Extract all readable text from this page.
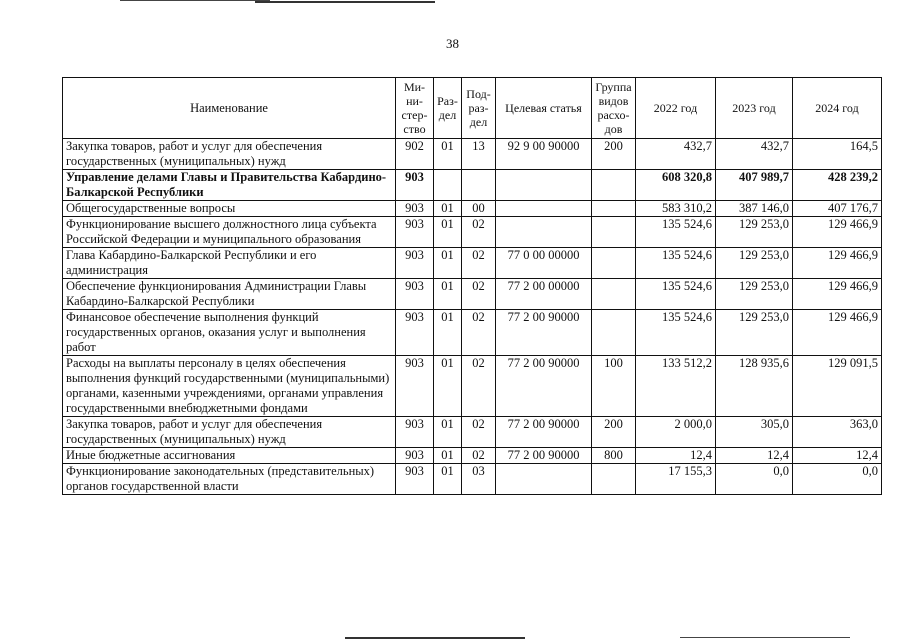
38
Наименование	Ми-ни-стер-ство	Раз-дел	Под-раз-дел	Целевая статья	Группа видов расхо-дов	2022 год	2023 год	2024 год
Закупка товаров, работ и услуг для обеспечения государственных (муниципальных) нужд	902	01	13	92 9 00 90000	200	432,7	432,7	164,5
Управление делами Главы и Правительства Кабардино-Балкарской Республики	903					608 320,8	407 989,7	428 239,2
Общегосударственные вопросы	903	01	00			583 310,2	387 146,0	407 176,7
Функционирование высшего должностного лица субъекта Российской Федерации и муниципального образования	903	01	02			135 524,6	129 253,0	129 466,9
Глава Кабардино-Балкарской Республики и его администрация	903	01	02	77 0 00 00000		135 524,6	129 253,0	129 466,9
Обеспечение функционирования Администрации Главы Кабардино-Балкарской Республики	903	01	02	77 2 00 00000		135 524,6	129 253,0	129 466,9
Финансовое обеспечение выполнения функций государственных органов, оказания услуг и выполнения работ	903	01	02	77 2 00 90000		135 524,6	129 253,0	129 466,9
Расходы на выплаты персоналу в целях обеспечения выполнения функций государственными (муниципальными) органами, казенными учреждениями, органами управления государственными внебюджетными фондами	903	01	02	77 2 00 90000	100	133 512,2	128 935,6	129 091,5
Закупка товаров, работ и услуг для обеспечения государственных (муниципальных) нужд	903	01	02	77 2 00 90000	200	2 000,0	305,0	363,0
Иные бюджетные ассигнования	903	01	02	77 2 00 90000	800	12,4	12,4	12,4
Функционирование законодательных (представительных) органов государственной власти	903	01	03			17 155,3	0,0	0,0
